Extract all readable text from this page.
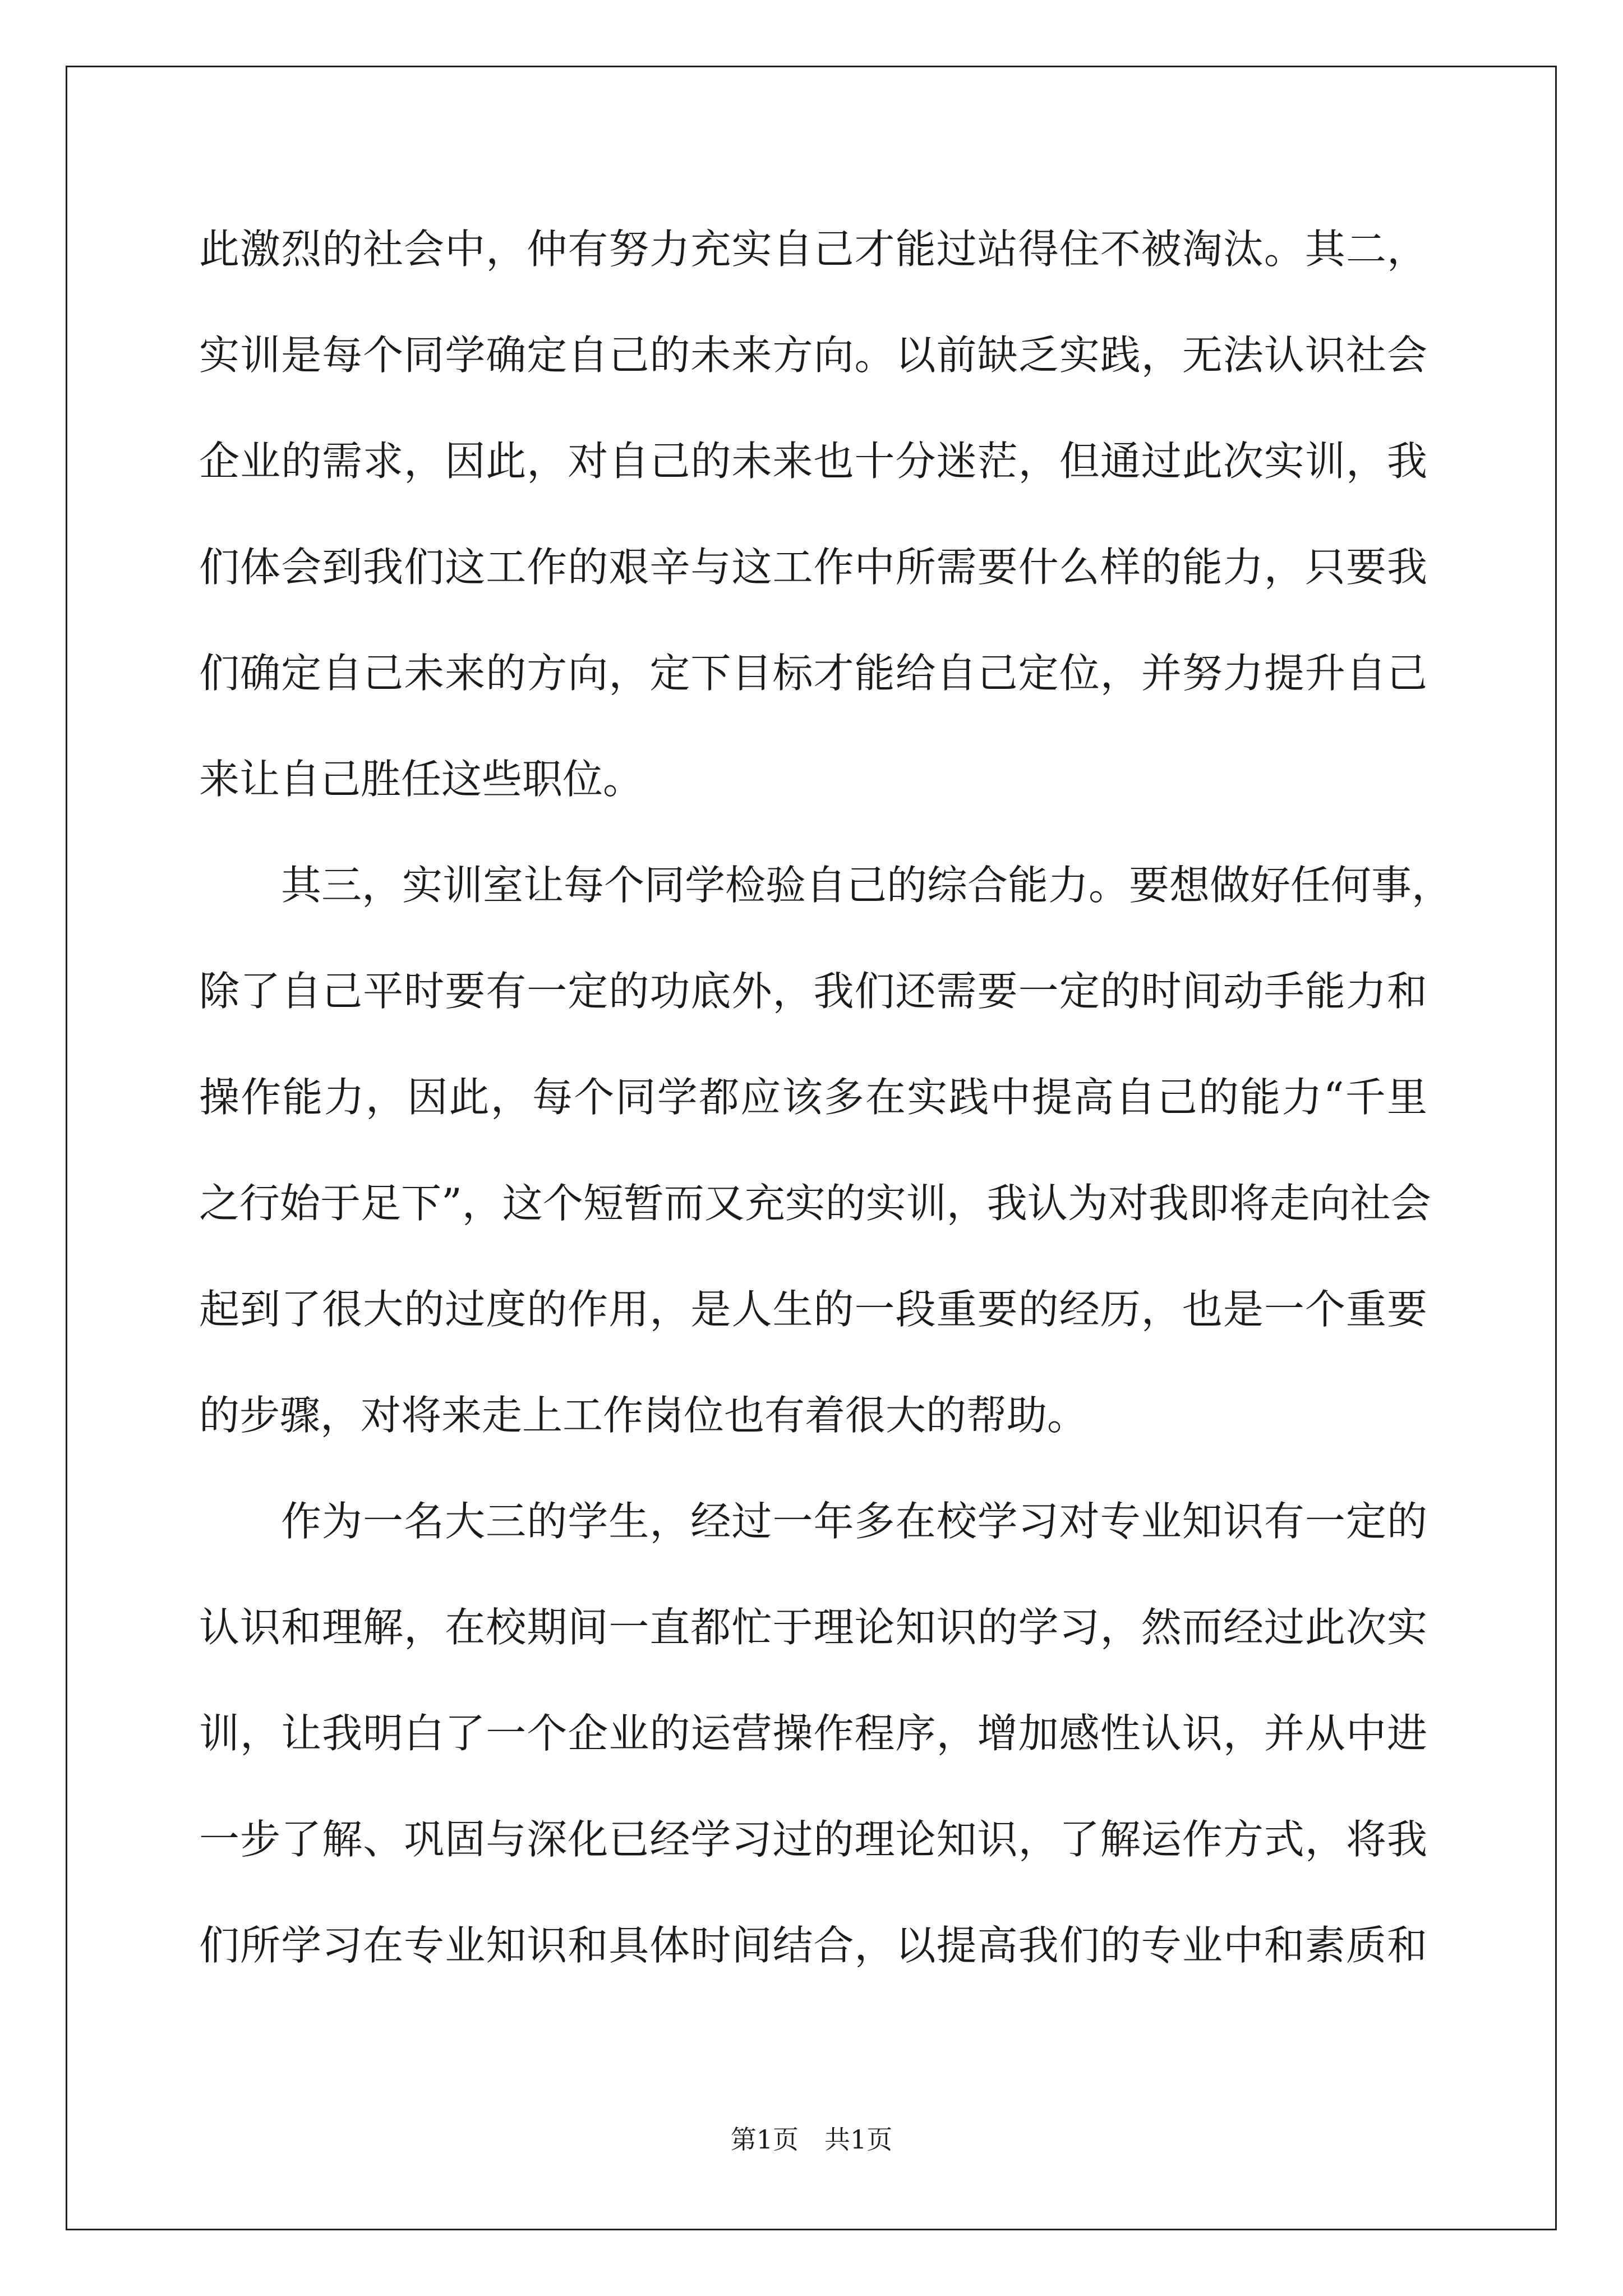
此激烈的社会中，仲有努力充实自己才能过站得住不被淘汰。其二，
实训是每个同学确定自己的未来方向。以前缺乏实践，无法认识社会
企业的需求，因此，对自己的未来也十分迷茫，但通过此次实训，我
们体会到我们这工作的艰辛与这工作中所需要什么样的能力，只要我
们确定自己未来的方向，定下目标才能给自己定位，并努力提升自己
来让自己胜任这些职位。
其三，实训室让每个同学检验自己的综合能力。要想做好任何事，
除了自己平时要有一定的功底外，我们还需要一定的时间动手能力和
操作能力，因此，每个同学都应该多在实践中提高自己的能力“千里
之行始于足下”，这个短暂而又充实的实训，我认为对我即将走向社会
起到了很大的过度的作用，是人生的一段重要的经历，也是一个重要
的步骤，对将来走上工作岗位也有着很大的帮助。
作为一名大三的学生，经过一年多在校学习对专业知识有一定的
认识和理解，在校期间一直都忙于理论知识的学习，然而经过此次实
训，让我明白了一个企业的运营操作程序，增加感性认识，并从中进
一步了解、巩固与深化已经学习过的理论知识，了解运作方式，将我
们所学习在专业知识和具体时间结合，以提高我们的专业中和素质和
第1页　共1页
